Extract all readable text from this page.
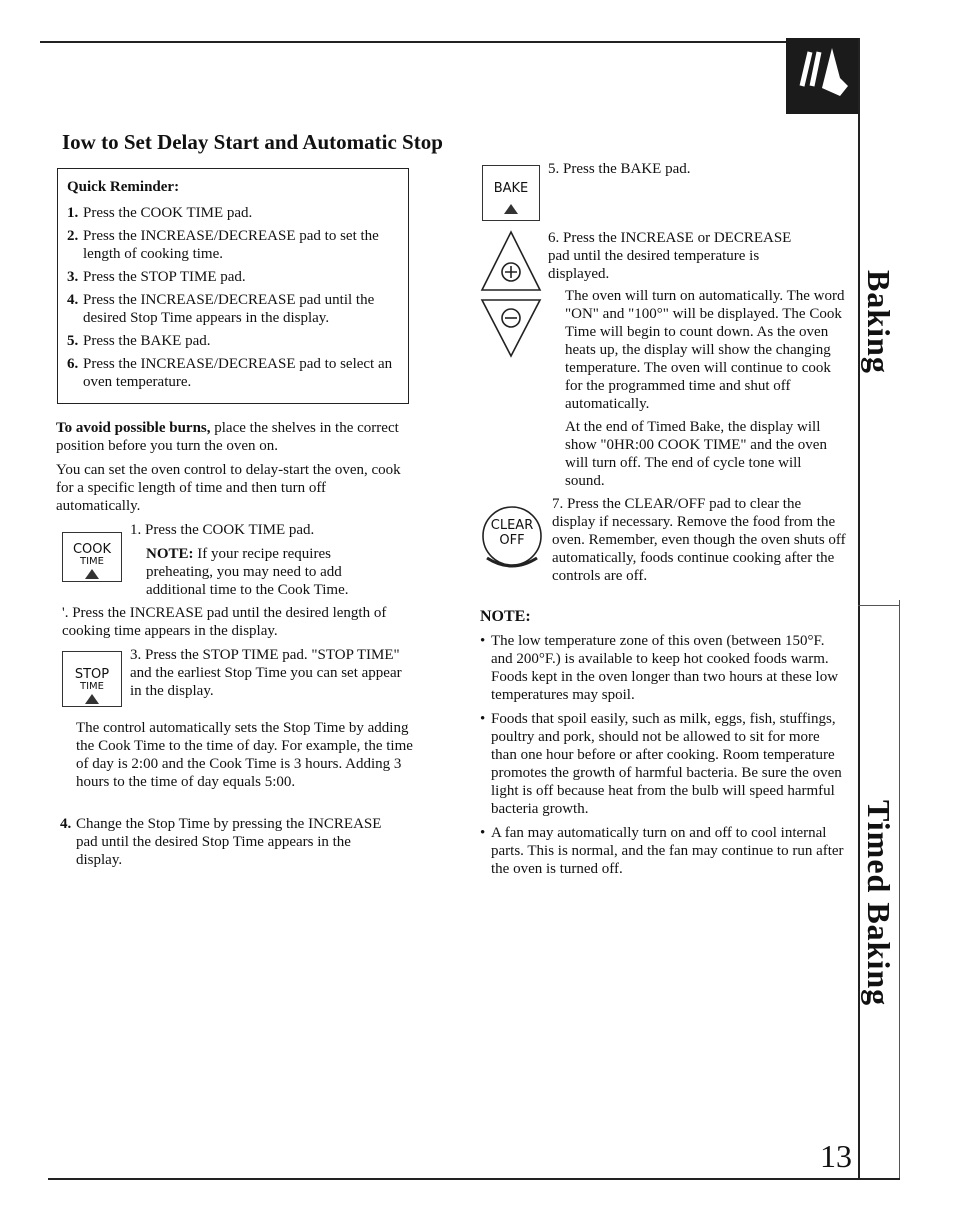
Baking
Timed Baking
13
Iow to Set Delay Start and Automatic Stop
Quick Reminder:
1. Press the COOK TIME pad.
2. Press the INCREASE/DECREASE pad to set the length of cooking time.
3. Press the STOP TIME pad.
4. Press the INCREASE/DECREASE pad until the desired Stop Time appears in the display.
5. Press the BAKE pad.
6. Press the INCREASE/DECREASE pad to select an oven temperature.
To avoid possible burns, place the shelves in the correct position before you turn the oven on.
You can set the oven control to delay-start the oven, cook for a specific length of time and then turn off automatically.
COOK
TIME
1. Press the COOK TIME pad.
NOTE: If your recipe requires preheating, you may need to add additional time to the Cook Time.
'. Press the INCREASE pad until the desired length of cooking time appears in the display.
STOP
TIME
3. Press the STOP TIME pad. "STOP TIME" and the earliest Stop Time you can set appear in the display.
The control automatically sets the Stop Time by adding the Cook Time to the time of day. For example, the time of day is 2:00 and the Cook Time is 3 hours. Adding 3 hours to the time of day equals 5:00.
4. Change the Stop Time by pressing the INCREASE pad until the desired Stop Time appears in the display.
BAKE
5. Press the BAKE pad.
6. Press the INCREASE or DECREASE pad until the desired temperature is displayed.
The oven will turn on automatically. The word "ON" and "100°" will be displayed. The Cook Time will begin to count down. As the oven heats up, the display will show the changing temperature. The oven will continue to cook for the programmed time and shut off automatically.
At the end of Timed Bake, the display will show "0HR:00 COOK TIME" and the oven will turn off. The end of cycle tone will sound.
CLEAR
OFF
7. Press the CLEAR/OFF pad to clear the display if necessary. Remove the food from the oven. Remember, even though the oven shuts off automatically, foods continue cooking after the controls are off.
NOTE:
• The low temperature zone of this oven (between 150°F. and 200°F.) is available to keep hot cooked foods warm. Foods kept in the oven longer than two hours at these low temperatures may spoil.
• Foods that spoil easily, such as milk, eggs, fish, stuffings, poultry and pork, should not be allowed to sit for more than one hour before or after cooking. Room temperature promotes the growth of harmful bacteria. Be sure the oven light is off because heat from the bulb will speed harmful bacteria growth.
• A fan may automatically turn on and off to cool internal parts. This is normal, and the fan may continue to run after the oven is turned off.
